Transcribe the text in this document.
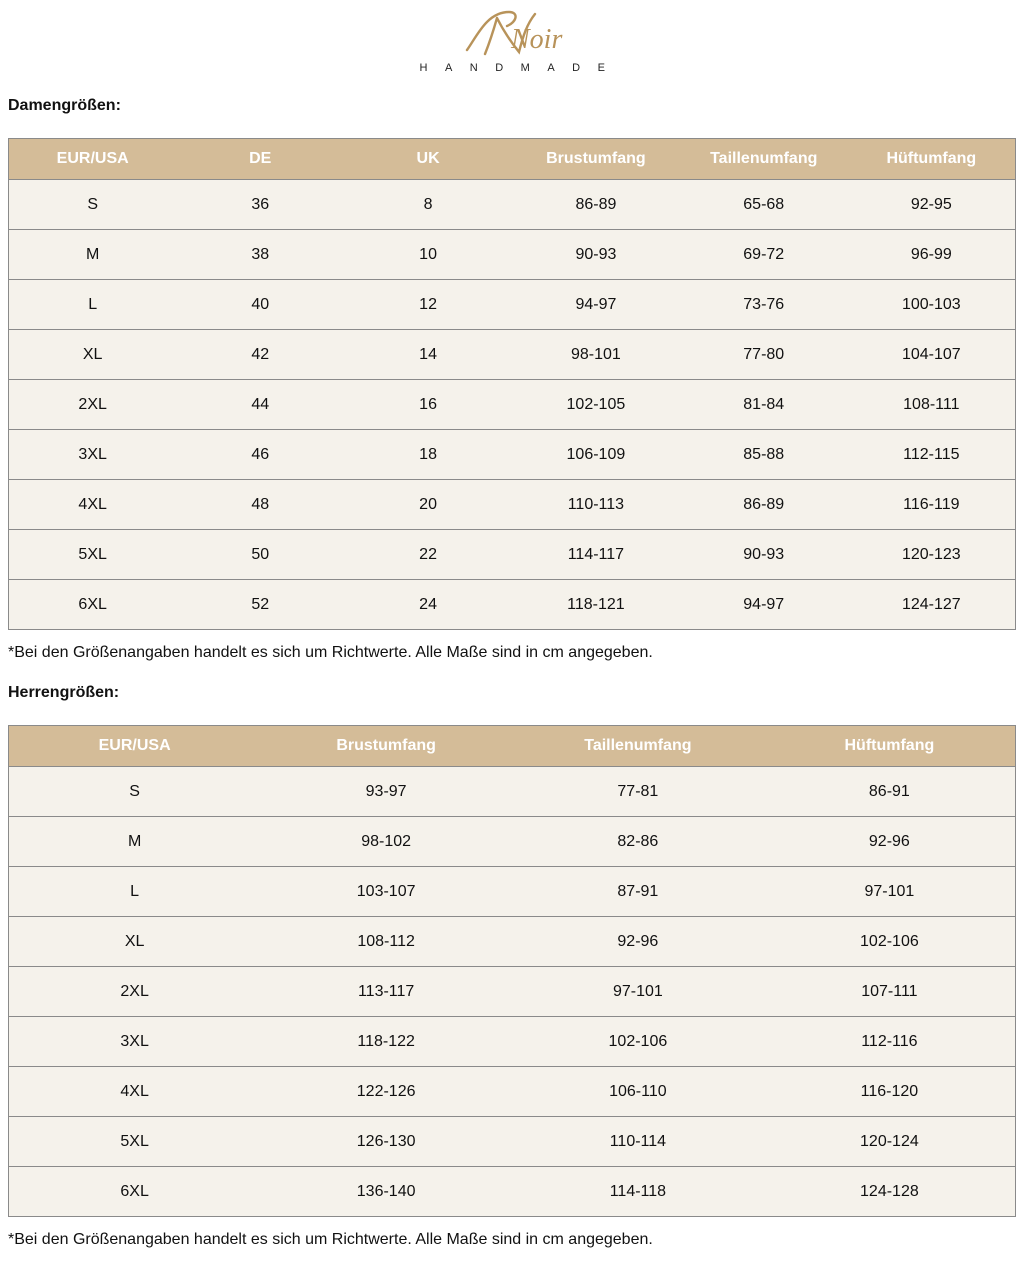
Noir
HANDMADE
Damengrößen:
EUR/USA	DE	UK	Brustumfang	Taillenumfang	Hüftumfang
S	36	8	86-89	65-68	92-95
M	38	10	90-93	69-72	96-99
L	40	12	94-97	73-76	100-103
XL	42	14	98-101	77-80	104-107
2XL	44	16	102-105	81-84	108-111
3XL	46	18	106-109	85-88	112-115
4XL	48	20	110-113	86-89	116-119
5XL	50	22	114-117	90-93	120-123
6XL	52	24	118-121	94-97	124-127

*Bei den Größenangaben handelt es sich um Richtwerte. Alle Maße sind in cm angegeben.

Herrengrößen:
EUR/USA	Brustumfang	Taillenumfang	Hüftumfang
S	93-97	77-81	86-91
M	98-102	82-86	92-96
L	103-107	87-91	97-101
XL	108-112	92-96	102-106
2XL	113-117	97-101	107-111
3XL	118-122	102-106	112-116
4XL	122-126	106-110	116-120
5XL	126-130	110-114	120-124
6XL	136-140	114-118	124-128

*Bei den Größenangaben handelt es sich um Richtwerte. Alle Maße sind in cm angegeben.
